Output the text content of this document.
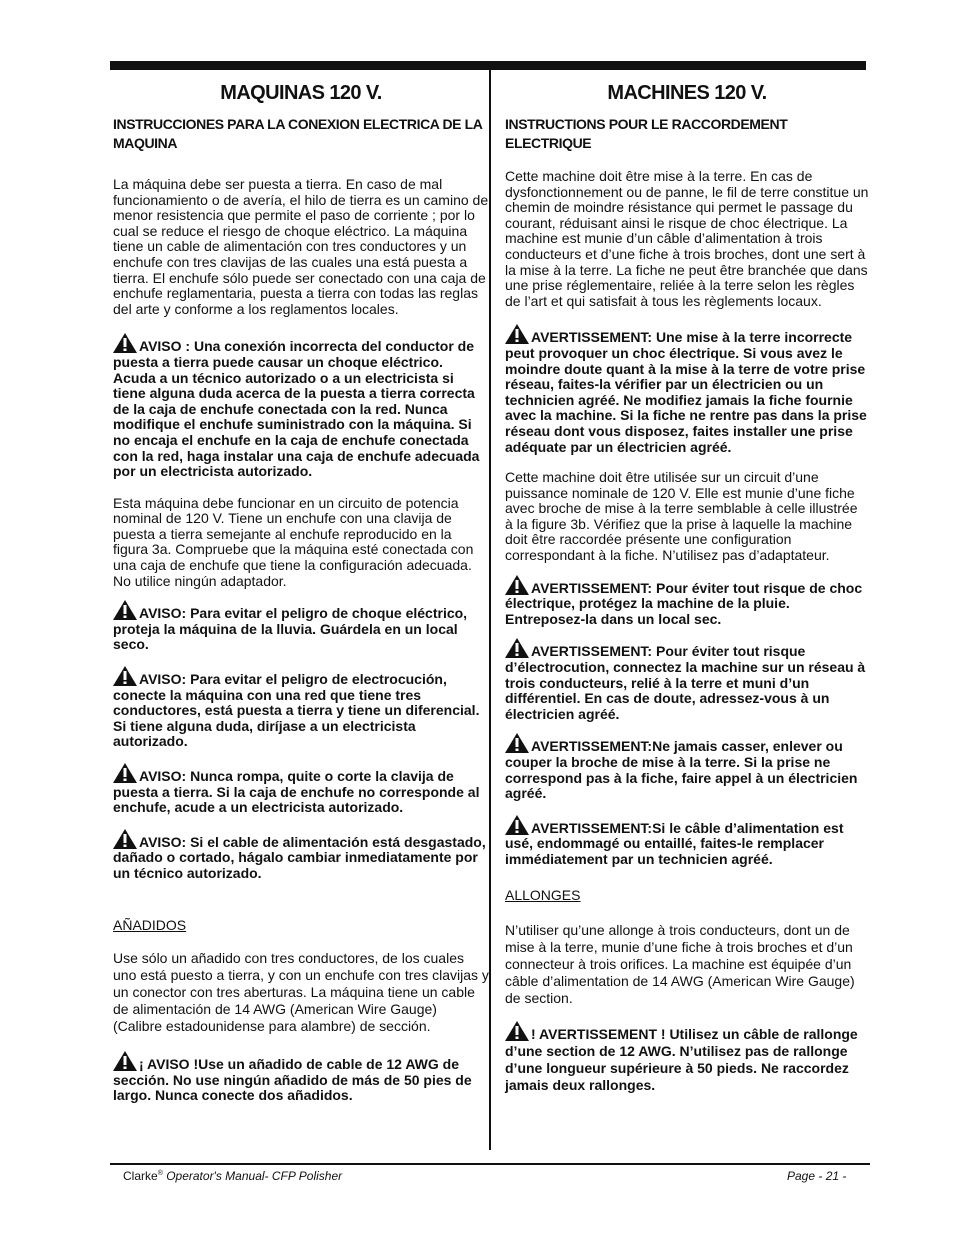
MAQUINAS 120 V.
INSTRUCCIONES PARA LA CONEXION ELECTRICA DE LA MAQUINA

La máquina debe ser puesta a tierra. En caso de mal funcionamiento o de avería, el hilo de tierra es un camino de menor resistencia que permite el paso de corriente ; por lo cual se reduce el riesgo de choque eléctrico. La máquina tiene un cable de alimentación con tres conductores y un enchufe con tres clavijas de las cuales una está puesta a tierra. El enchufe sólo puede ser conectado con una caja de enchufe reglamentaria, puesta a tierra con todas las reglas del arte y conforme a los reglamentos locales.

AVISO : Una conexión incorrecta del conductor de puesta a tierra puede causar un choque eléctrico. Acuda a un técnico autorizado o a un electricista si tiene alguna duda acerca de la puesta a tierra correcta de la caja de enchufe conectada con la red. Nunca modifique el enchufe suministrado con la máquina. Si no encaja el enchufe en la caja de enchufe conectada con la red, haga instalar una caja de enchufe adecuada por un electricista autorizado.

Esta máquina debe funcionar en un circuito de potencia nominal de 120 V. Tiene un enchufe con una clavija de puesta a tierra semejante al enchufe reproducido en la figura 3a. Compruebe que la máquina esté conectada con una caja de enchufe que tiene la configuración adecuada. No utilice ningún adaptador.

AVISO: Para evitar el peligro de choque eléctrico, proteja la máquina de la lluvia. Guárdela en un local seco.

AVISO: Para evitar el peligro de electrocución, conecte la máquina con una red que tiene tres conductores, está puesta a tierra y tiene un diferencial. Si tiene alguna duda, diríjase a un electricista autorizado.

AVISO: Nunca rompa, quite o corte la clavija de puesta a tierra. Si la caja de enchufe no corresponde al enchufe, acude a un electricista autorizado.

AVISO: Si el cable de alimentación está desgastado, dañado o cortado, hágalo cambiar inmediatamente por un técnico autorizado.

AÑADIDOS

Use sólo un añadido con tres conductores, de los cuales uno está puesto a tierra, y con un enchufe con tres clavijas y un conector con tres aberturas. La máquina tiene un cable de alimentación de 14 AWG (American Wire Gauge) (Calibre estadounidense para alambre) de sección.

¡ AVISO !Use un añadido de cable de 12 AWG de sección. No use ningún añadido de más de 50 pies de largo. Nunca conecte dos añadidos.

MACHINES 120 V.
INSTRUCTIONS POUR LE RACCORDEMENT ELECTRIQUE

Cette machine doit être mise à la terre. En cas de dysfonctionnement ou de panne, le fil de terre constitue un chemin de moindre résistance qui permet le passage du courant, réduisant ainsi le risque de choc électrique. La machine est munie d’un câble d’alimentation à trois conducteurs et d’une fiche à trois broches, dont une sert à la mise à la terre. La fiche ne peut être branchée que dans une prise réglementaire, reliée à la terre selon les règles de l’art et qui satisfait à tous les règlements locaux.

AVERTISSEMENT: Une mise à la terre incorrecte peut provoquer un choc électrique. Si vous avez le moindre doute quant à la mise à la terre de votre prise réseau, faites-la vérifier par un électricien ou un technicien agréé. Ne modifiez jamais la fiche fournie avec la machine. Si la fiche ne rentre pas dans la prise réseau dont vous disposez, faites installer une prise adéquate par un électricien agréé.

Cette machine doit être utilisée sur un circuit d’une puissance nominale de 120 V. Elle est munie d’une fiche avec broche de mise à la terre semblable à celle illustrée à la figure 3b. Vérifiez que la prise à laquelle la machine doit être raccordée présente une configuration correspondant à la fiche. N’utilisez pas d’adaptateur.

AVERTISSEMENT: Pour éviter tout risque de choc électrique, protégez la machine de la pluie. Entreposez-la dans un local sec.

AVERTISSEMENT: Pour éviter tout risque d’électrocution, connectez la machine sur un réseau à trois conducteurs, relié à la terre et muni d’un différentiel. En cas de doute, adressez-vous à un électricien agréé.

AVERTISSEMENT:Ne jamais casser, enlever ou couper la broche de mise à la terre. Si la prise ne correspond pas à la fiche, faire appel à un électricien agréé.

AVERTISSEMENT:Si le câble d’alimentation est usé, endommagé ou entaillé, faites-le remplacer immédiatement par un technicien agréé.

ALLONGES

N’utiliser qu’une allonge à trois conducteurs, dont un de mise à la terre, munie d’une fiche à trois broches et d’un connecteur à trois orifices. La machine est équipée d’un câble d’alimentation de 14 AWG (American Wire Gauge) de section.

! AVERTISSEMENT ! Utilisez un câble de rallonge d’une section de 12 AWG. N’utilisez pas de rallonge d’une longueur supérieure à 50 pieds. Ne raccordez jamais deux rallonges.

Clarke® Operator's Manual- CFP Polisher	Page - 21 -
